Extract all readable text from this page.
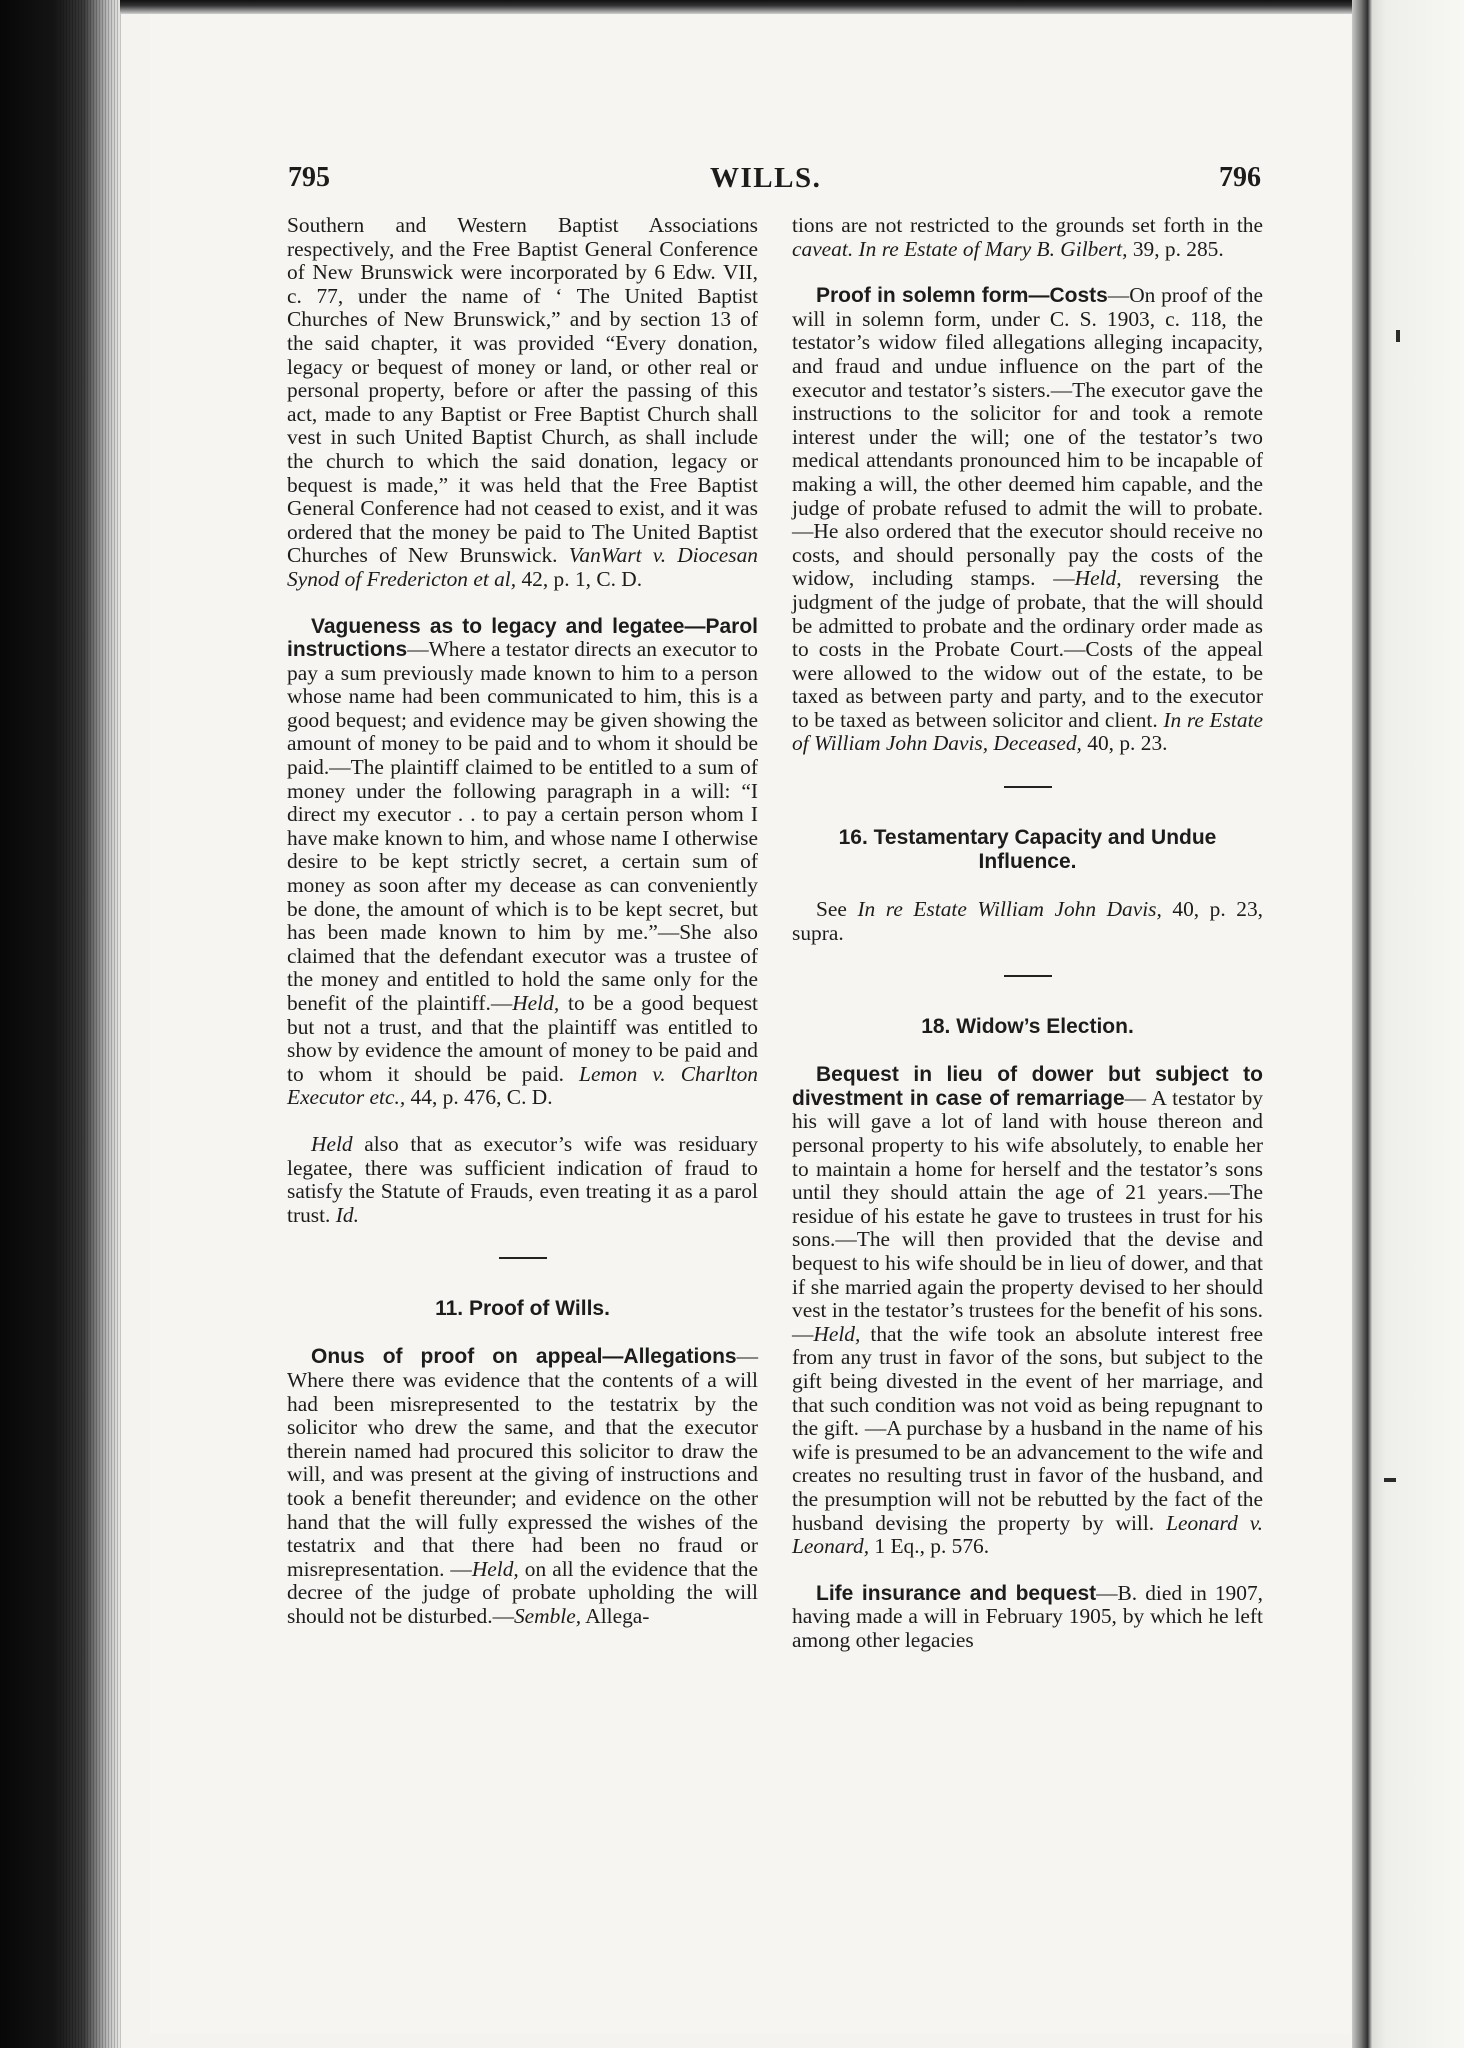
795	WILLS.	796

Southern and Western Baptist Associations respectively, and the Free Baptist General Conference of New Brunswick were incorporated by 6 Edw. VII, c. 77, under the name of ‘ The United Baptist Churches of New Brunswick,” and by section 13 of the said chapter, it was provided “Every donation, legacy or bequest of money or land, or other real or personal property, before or after the passing of this act, made to any Baptist or Free Baptist Church shall vest in such United Baptist Church, as shall include the church to which the said donation, legacy or bequest is made,” it was held that the Free Baptist General Conference had not ceased to exist, and it was ordered that the money be paid to The United Baptist Churches of New Brunswick. VanWart v. Diocesan Synod of Fredericton et al, 42, p. 1, C. D.

Vagueness as to legacy and legatee—Parol instructions—Where a testator directs an executor to pay a sum previously made known to him to a person whose name had been communicated to him, this is a good bequest; and evidence may be given showing the amount of money to be paid and to whom it should be paid.—The plaintiff claimed to be entitled to a sum of money under the following paragraph in a will: “I direct my executor . . to pay a certain person whom I have make known to him, and whose name I otherwise desire to be kept strictly secret, a certain sum of money as soon after my decease as can conveniently be done, the amount of which is to be kept secret, but has been made known to him by me.”—She also claimed that the defendant executor was a trustee of the money and entitled to hold the same only for the benefit of the plaintiff.—Held, to be a good bequest but not a trust, and that the plaintiff was entitled to show by evidence the amount of money to be paid and to whom it should be paid. Lemon v. Charlton Executor etc., 44, p. 476, C. D.

Held also that as executor’s wife was residuary legatee, there was sufficient indication of fraud to satisfy the Statute of Frauds, even treating it as a parol trust. Id.

11. Proof of Wills.

Onus of proof on appeal—Allegations—Where there was evidence that the contents of a will had been misrepresented to the testatrix by the solicitor who drew the same, and that the executor therein named had procured this solicitor to draw the will, and was present at the giving of instructions and took a benefit thereunder; and evidence on the other hand that the will fully expressed the wishes of the testatrix and that there had been no fraud or misrepresentation. —Held, on all the evidence that the decree of the judge of probate upholding the will should not be disturbed.—Semble, Allega-

tions are not restricted to the grounds set forth in the caveat. In re Estate of Mary B. Gilbert, 39, p. 285.

Proof in solemn form—Costs—On proof of the will in solemn form, under C. S. 1903, c. 118, the testator’s widow filed allegations alleging incapacity, and fraud and undue influence on the part of the executor and testator’s sisters.—The executor gave the instructions to the solicitor for and took a remote interest under the will; one of the testator’s two medical attendants pronounced him to be incapable of making a will, the other deemed him capable, and the judge of probate refused to admit the will to probate. —He also ordered that the executor should receive no costs, and should personally pay the costs of the widow, including stamps. —Held, reversing the judgment of the judge of probate, that the will should be admitted to probate and the ordinary order made as to costs in the Probate Court.—Costs of the appeal were allowed to the widow out of the estate, to be taxed as between party and party, and to the executor to be taxed as between solicitor and client. In re Estate of William John Davis, Deceased, 40, p. 23.

16. Testamentary Capacity and Undue Influence.

See In re Estate William John Davis, 40, p. 23, supra.

18. Widow’s Election.

Bequest in lieu of dower but subject to divestment in case of remarriage— A testator by his will gave a lot of land with house thereon and personal property to his wife absolutely, to enable her to maintain a home for herself and the testator’s sons until they should attain the age of 21 years.—The residue of his estate he gave to trustees in trust for his sons.—The will then provided that the devise and bequest to his wife should be in lieu of dower, and that if she married again the property devised to her should vest in the testator’s trustees for the benefit of his sons.—Held, that the wife took an absolute interest free from any trust in favor of the sons, but subject to the gift being divested in the event of her marriage, and that such condition was not void as being repugnant to the gift. —A purchase by a husband in the name of his wife is presumed to be an advancement to the wife and creates no resulting trust in favor of the husband, and the presumption will not be rebutted by the fact of the husband devising the property by will. Leonard v. Leonard, 1 Eq., p. 576.

Life insurance and bequest—B. died in 1907, having made a will in February 1905, by which he left among other legacies
